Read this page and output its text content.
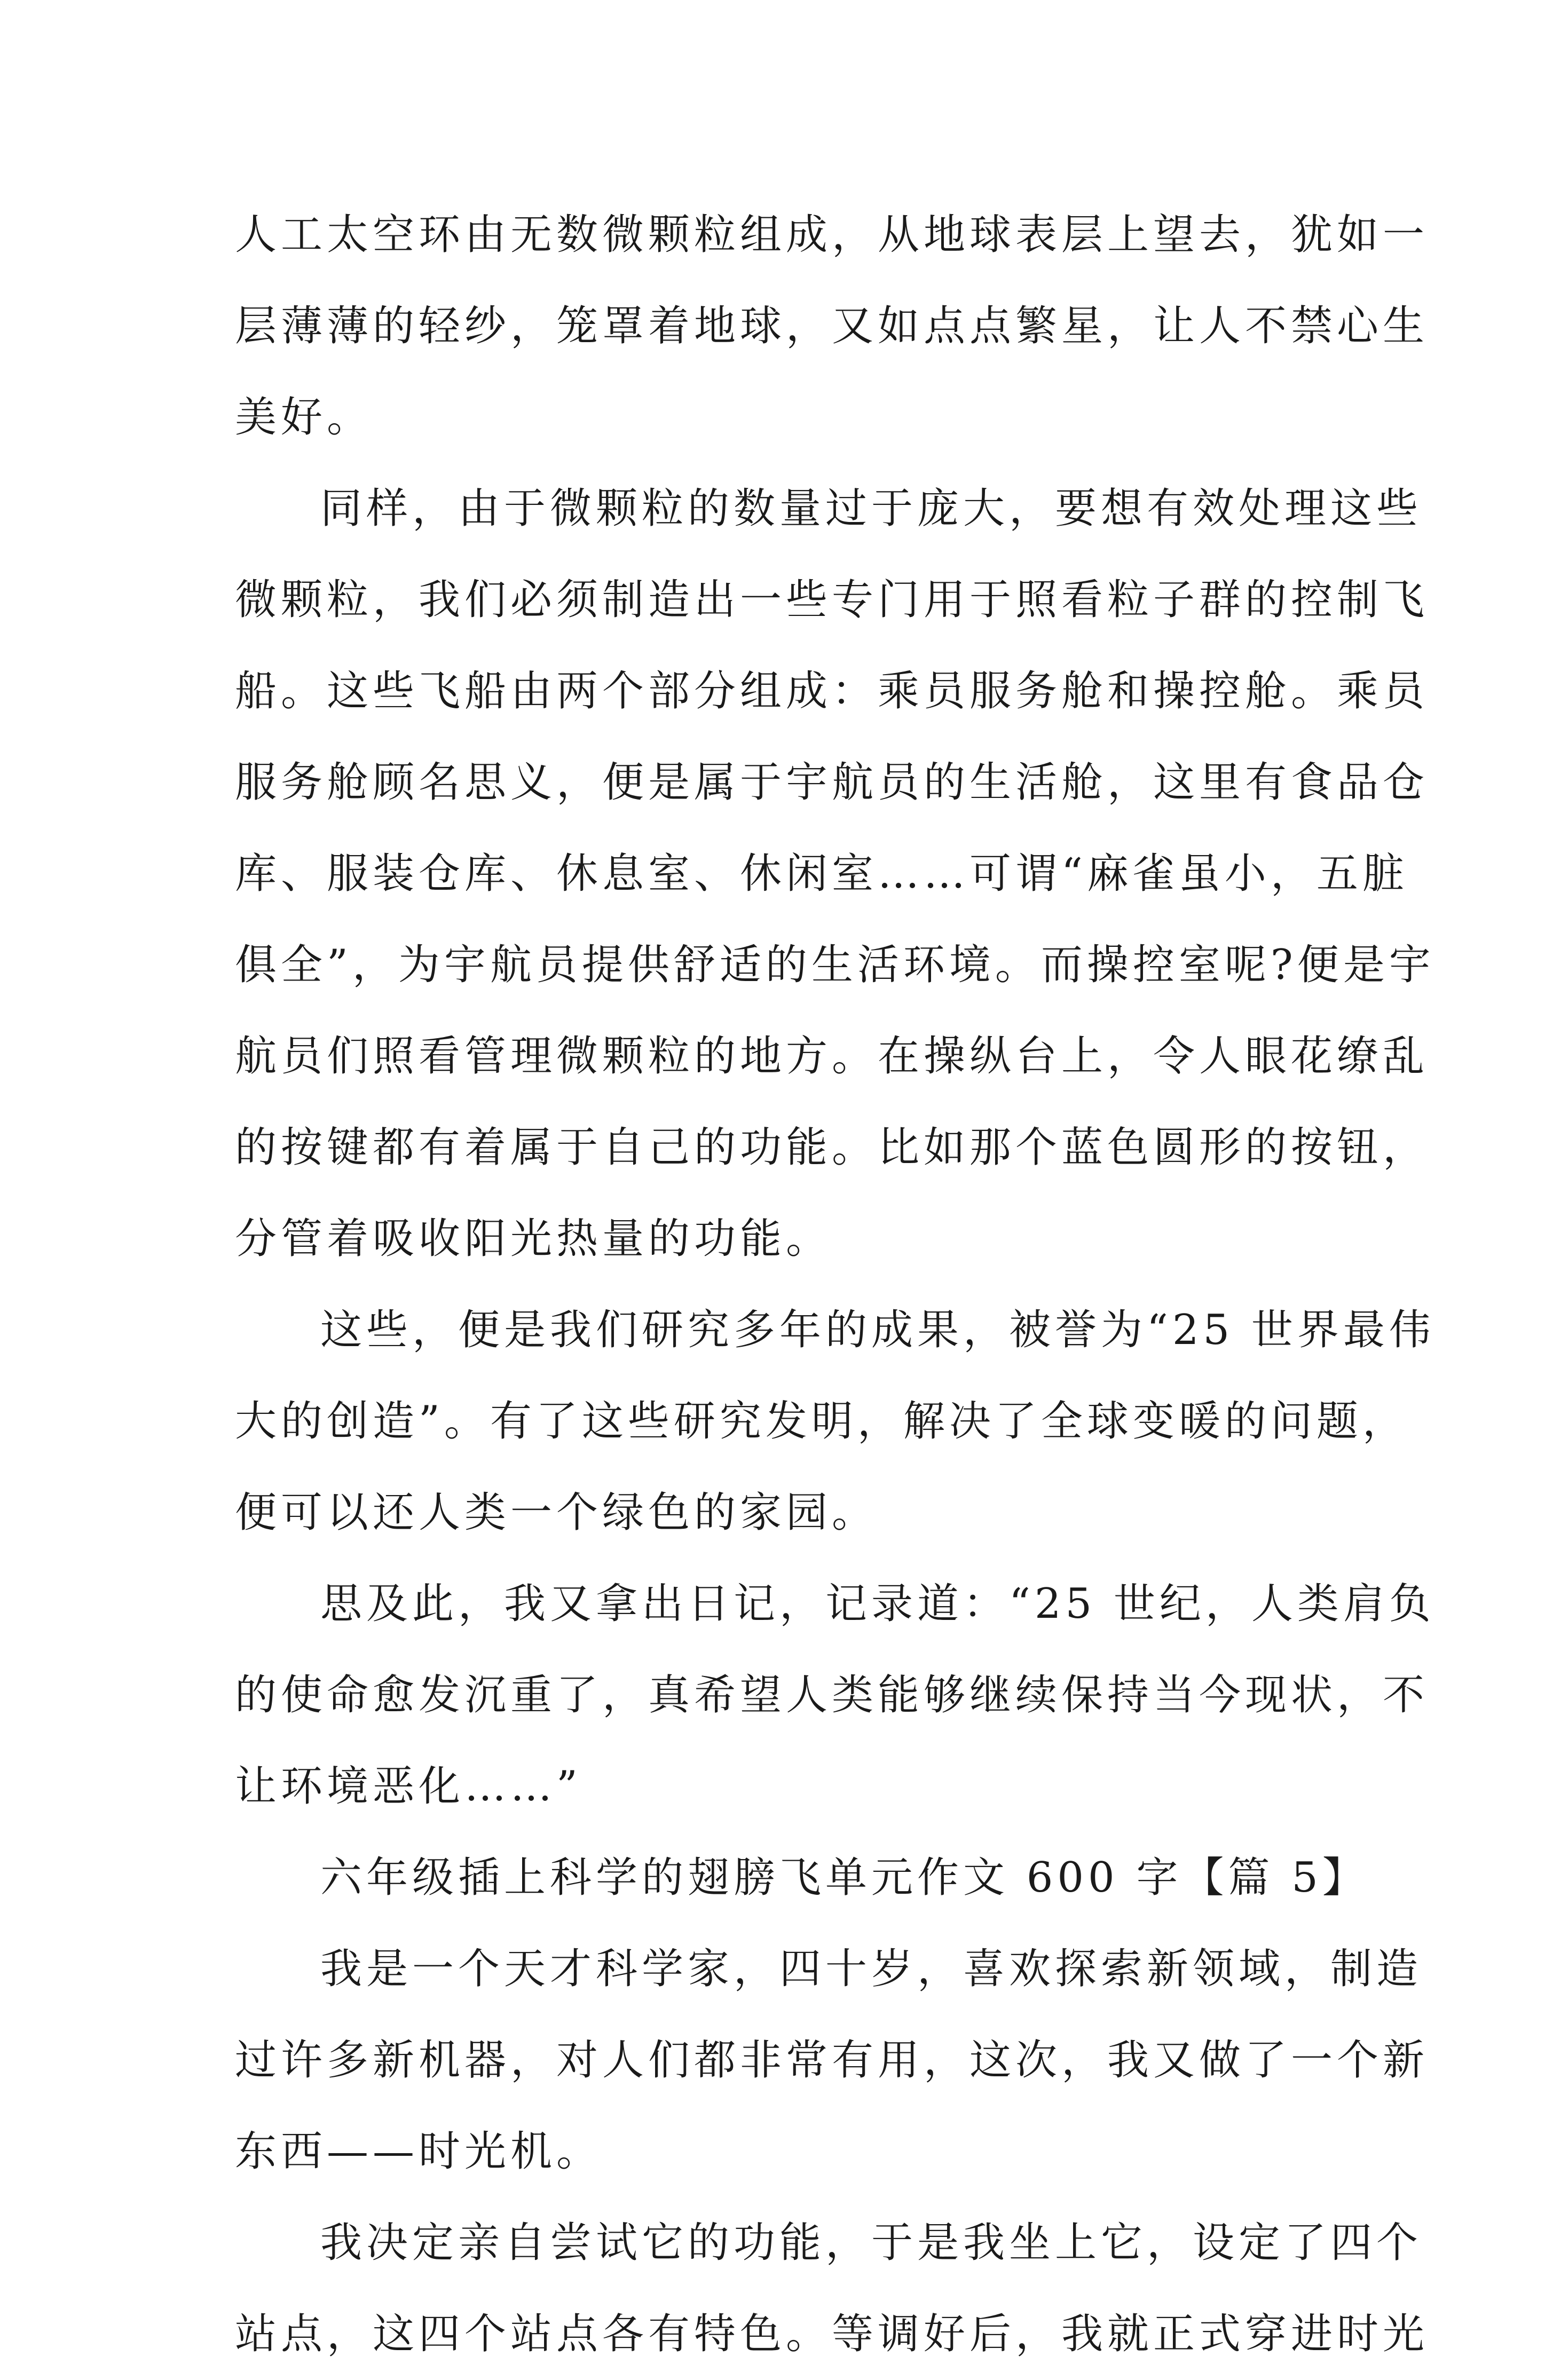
人工太空环由无数微颗粒组成，从地球表层上望去，犹如一
层薄薄的轻纱，笼罩着地球，又如点点繁星，让人不禁心生
美好。
同样，由于微颗粒的数量过于庞大，要想有效处理这些
微颗粒，我们必须制造出一些专门用于照看粒子群的控制飞
船。这些飞船由两个部分组成：乘员服务舱和操控舱。乘员
服务舱顾名思义，便是属于宇航员的生活舱，这里有食品仓
库、服装仓库、休息室、休闲室……可谓“麻雀虽小，五脏
俱全”，为宇航员提供舒适的生活环境。而操控室呢?便是宇
航员们照看管理微颗粒的地方。在操纵台上，令人眼花缭乱
的按键都有着属于自己的功能。比如那个蓝色圆形的按钮，
分管着吸收阳光热量的功能。
这些，便是我们研究多年的成果，被誉为“25 世界最伟
大的创造”。有了这些研究发明，解决了全球变暖的问题，
便可以还人类一个绿色的家园。
思及此，我又拿出日记，记录道：“25 世纪，人类肩负
的使命愈发沉重了，真希望人类能够继续保持当今现状，不
让环境恶化……”
六年级插上科学的翅膀飞单元作文 600 字【篇 5】
我是一个天才科学家，四十岁，喜欢探索新领域，制造
过许多新机器，对人们都非常有用，这次，我又做了一个新
东西——时光机。
我决定亲自尝试它的功能，于是我坐上它，设定了四个
站点，这四个站点各有特色。等调好后，我就正式穿进时光
